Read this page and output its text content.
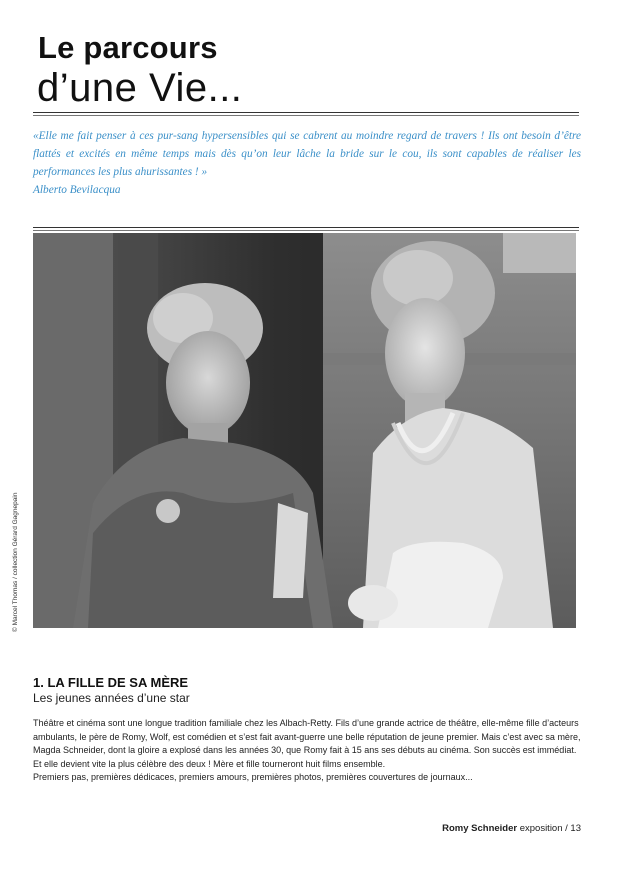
Le parcours
d’une Vie...
«Elle me fait penser à ces pur-sang hypersensibles qui se cabrent au moindre regard de travers ! Ils ont besoin d’être flattés et excités en même temps mais dès qu’on leur lâche la bride sur le cou, ils sont capables de réaliser les performances les plus ahurissantes ! »
Alberto Bevilacqua
© Marcel Thomas / collection Gérard Gagnepain
1. LA FILLE DE SA MÈRE
Les jeunes années d’une star

Théâtre et cinéma sont une longue tradition familiale chez les Albach-Retty. Fils d’une grande actrice de théâtre, elle-même fille d’acteurs ambulants, le père de Romy, Wolf, est comédien et s’est fait avant-guerre une belle réputation de jeune premier. Mais c’est avec sa mère, Magda Schneider, dont la gloire a explosé dans les années 30, que Romy fait à 15 ans ses débuts au cinéma. Son succès est immédiat. Et elle devient vite la plus célèbre des deux ! Mère et fille tourneront huit films ensemble.

Premiers pas, premières dédicaces, premiers amours, premières photos, premières couvertures de journaux...

Romy Schneider exposition / 13
